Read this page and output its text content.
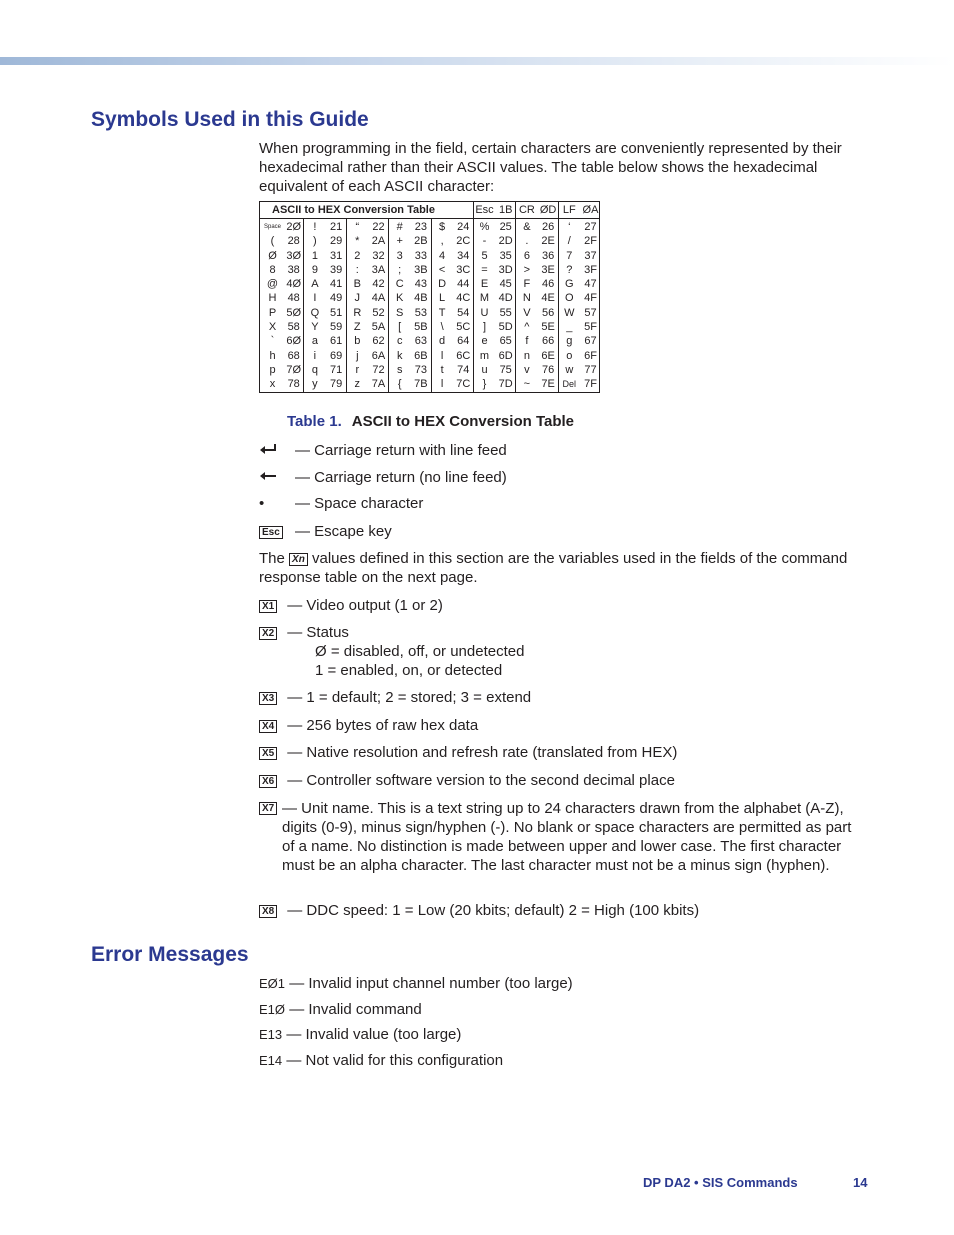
Symbols Used in this Guide
When programming in the field, certain characters are conveniently represented by their hexadecimal rather than their ASCII values. The table below shows the hexadecimal equivalent of each ASCII character:
ASCII to HEX Conversion Table
Space
(
Ø
8
@
H
P
X
`
h
p
x
2Ø
28
3Ø
38
4Ø
48
5Ø
58
6Ø
68
7Ø
78
!
)
1
9
A
I
Q
Y
a
i
q
y
21
29
31
39
41
49
51
59
61
69
71
79
“
*
2
:
B
J
R
Z
b
j
r
z
22
2A
32
3A
42
4A
52
5A
62
6A
72
7A
#
+
3
;
C
K
S
[
c
k
s
{
23
2B
33
3B
43
4B
53
5B
63
6B
73
7B
$
,
4
<
D
L
T
\
d
l
t
l
24
2C
34
3C
44
4C
54
5C
64
6C
74
7C
%
-
5
=
E
M
U
]
e
m
u
}
25
2D
35
3D
45
4D
55
5D
65
6D
75
7D
&
.
6
>
F
N
V
^
f
n
v
~
26
2E
36
3E
46
4E
56
5E
66
6E
76
7E
‘
/
7
?
G
O
W
_
g
o
w
Del
27
2F
37
3F
47
4F
57
5F
67
6F
77
7F
Esc 1B CR ØD LF ØA
Table 1. ASCII to HEX Conversion Table
— Carriage return with line feed
— Carriage return (no line feed)
• — Space character
Esc — Escape key
The Xn values defined in this section are the variables used in the fields of the command response table on the next page.
X1 — Video output (1 or 2)
X2 — Status
Ø = disabled, off, or undetected
1 = enabled, on, or detected
X3 — 1 = default; 2 = stored; 3 = extend
X4 — 256 bytes of raw hex data
X5 — Native resolution and refresh rate (translated from HEX)
X6 — Controller software version to the second decimal place
X7 — Unit name. This is a text string up to 24 characters drawn from the alphabet (A-Z), digits (0-9), minus sign/hyphen (-). No blank or space characters are permitted as part of a name. No distinction is made between upper and lower case. The first character must be an alpha character. The last character must not be a minus sign (hyphen).
X8 — DDC speed: 1 = Low (20 kbits; default) 2 = High (100 kbits)
Error Messages
EØ1 — Invalid input channel number (too large)
E1Ø — Invalid command
E13 — Invalid value (too large)
E14 — Not valid for this configuration
DP DA2 • SIS Commands	14
